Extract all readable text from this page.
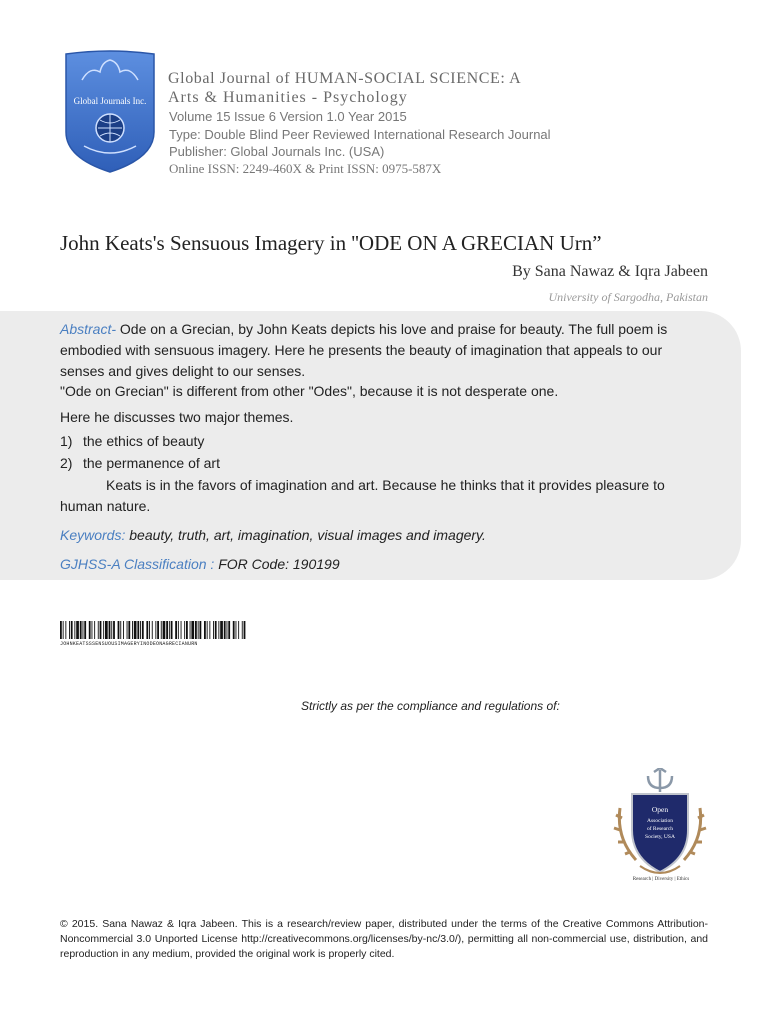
Global Journals Inc.
Global Journal of HUMAN-SOCIAL SCIENCE: A
Arts & Humanities - Psychology
Volume 15 Issue 6 Version 1.0 Year 2015
Type: Double Blind Peer Reviewed International Research Journal
Publisher: Global Journals Inc. (USA)
Online ISSN: 2249-460X & Print ISSN: 0975-587X
John Keats's Sensuous Imagery in ''ODE ON A GRECIAN Urn”
By Sana Nawaz & Iqra Jabeen
University of Sargodha, Pakistan
Abstract- Ode on a Grecian, by John Keats depicts his love and praise for beauty. The full poem is embodied with sensuous imagery. Here he presents the beauty of imagination that appeals to our senses and gives delight to our senses.
"Ode on Grecian" is different from other "Odes", because it is not desperate one.
Here he discusses two major themes.
1) the ethics of beauty
2) the permanence of art
Keats is in the favors of imagination and art. Because he thinks that it provides pleasure to human nature.
Keywords: beauty, truth, art, imagination, visual images and imagery.
GJHSS-A Classification : FOR Code: 190199
JOHNKEATSSSENSUOUSIMAGERYINODEONAGRECIANURN
Strictly as per the compliance and regulations of:
Open
Association
of Research
Society, USA
Research | Diversity | Ethics
© 2015. Sana Nawaz & Iqra Jabeen. This is a research/review paper, distributed under the terms of the Creative Commons Attribution-Noncommercial 3.0 Unported License http://creativecommons.org/licenses/by-nc/3.0/), permitting all non-commercial use, distribution, and reproduction in any medium, provided the original work is properly cited.
